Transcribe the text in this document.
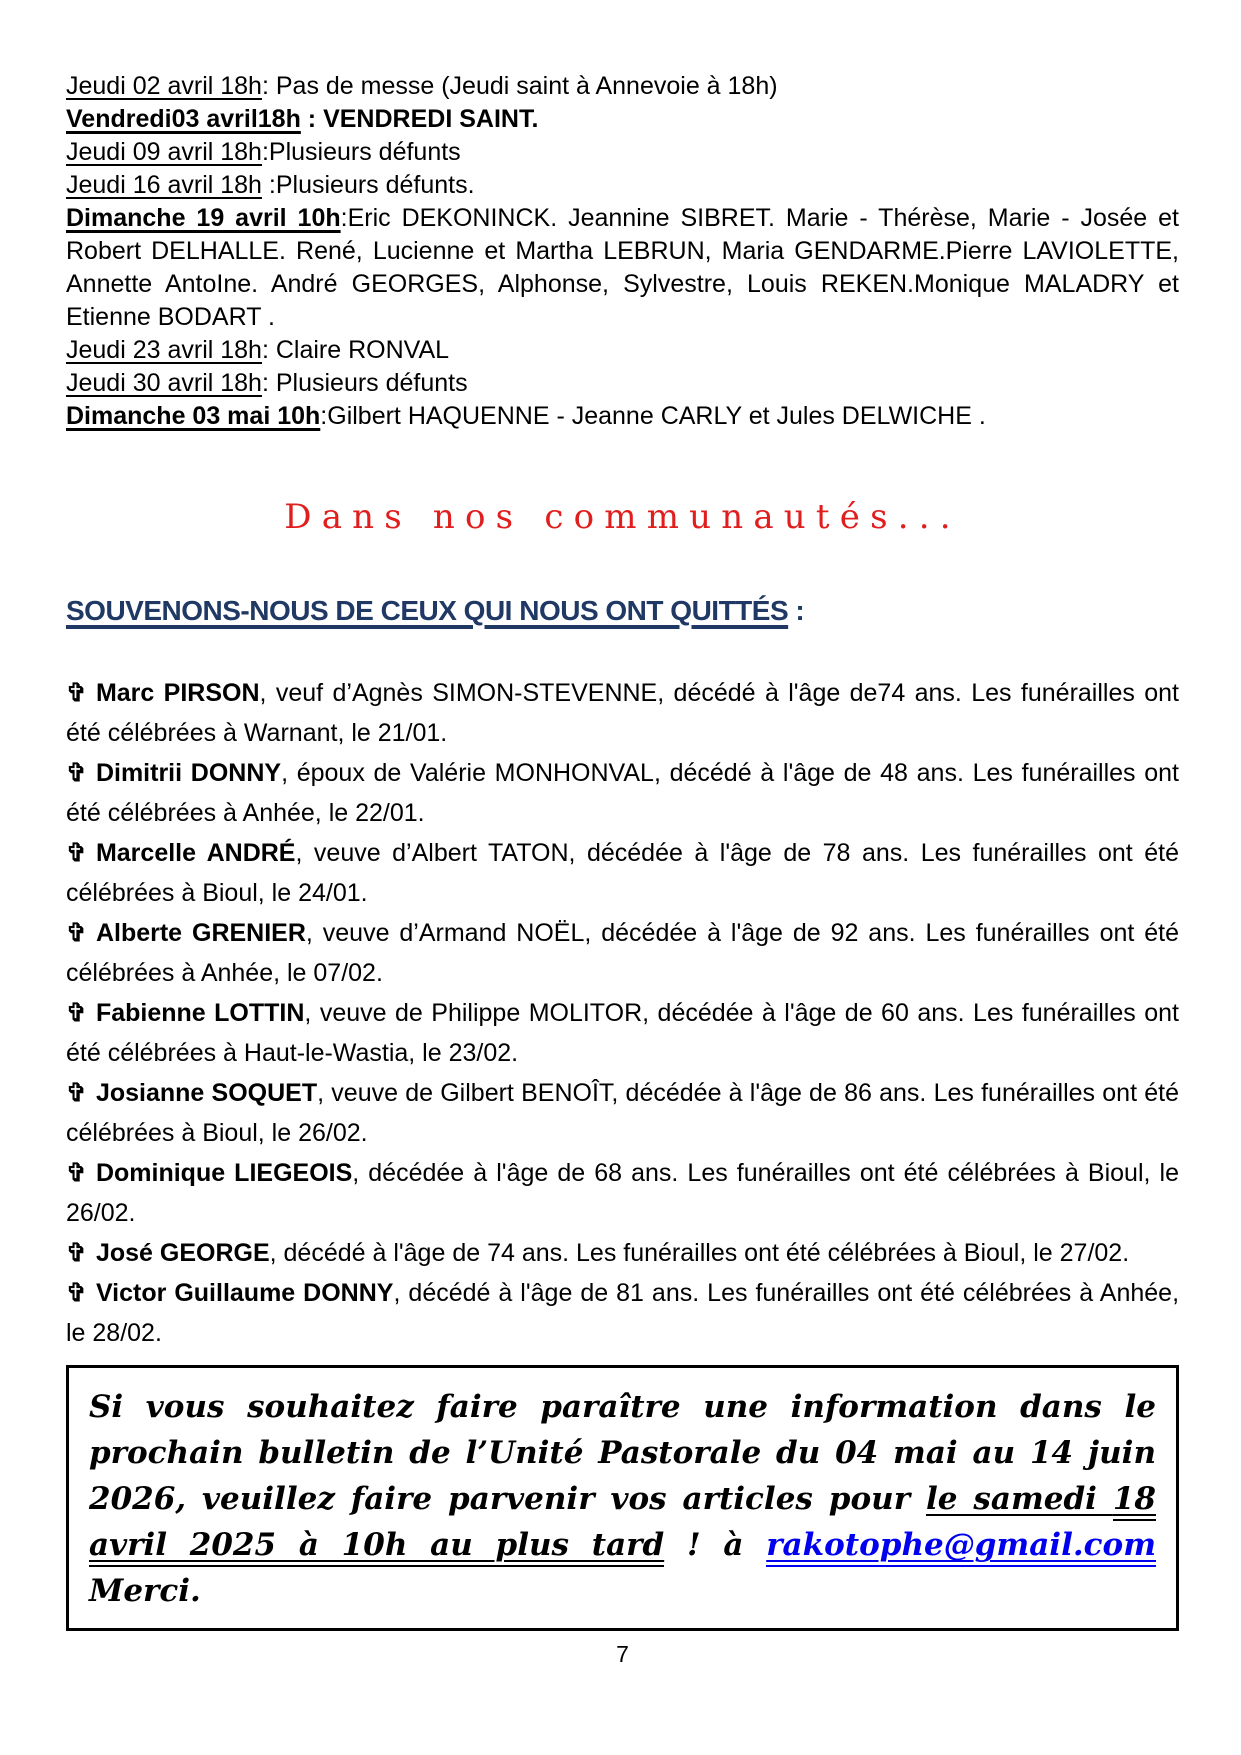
Jeudi 02 avril 18h: Pas de messe (Jeudi saint à Annevoie à 18h)
Vendredi03 avril18h : VENDREDI SAINT.
Jeudi 09 avril 18h:Plusieurs défunts
Jeudi 16 avril 18h :Plusieurs défunts.
Dimanche 19 avril 10h:Eric DEKONINCK. Jeannine SIBRET. Marie - Thérèse, Marie - Josée et Robert DELHALLE. René, Lucienne et Martha LEBRUN, Maria GENDARME.Pierre LAVIOLETTE, Annette AntoIne. André GEORGES, Alphonse, Sylvestre, Louis REKEN.Monique MALADRY et Etienne BODART .
Jeudi 23 avril 18h: Claire RONVAL
Jeudi 30 avril 18h: Plusieurs défunts
Dimanche 03 mai 10h:Gilbert HAQUENNE - Jeanne CARLY et Jules DELWICHE .
Dans nos communautés...
SOUVENONS-NOUS DE CEUX QUI NOUS ONT QUITTÉS :
✞ Marc PIRSON, veuf d’Agnès SIMON-STEVENNE, décédé à l'âge de74 ans. Les funérailles ont été célébrées à Warnant, le 21/01.
✞ Dimitrii DONNY, époux de Valérie MONHONVAL, décédé à l'âge de 48 ans. Les funérailles ont été célébrées à Anhée, le 22/01.
✞ Marcelle ANDRÉ, veuve d’Albert TATON, décédée à l'âge de 78 ans. Les funérailles ont été célébrées à Bioul, le 24/01.
✞ Alberte GRENIER, veuve d’Armand NOËL, décédée à l'âge de 92 ans. Les funérailles ont été célébrées à Anhée, le 07/02.
✞ Fabienne LOTTIN, veuve de Philippe MOLITOR, décédée à l'âge de 60 ans. Les funérailles ont été célébrées à Haut-le-Wastia, le 23/02.
✞ Josianne SOQUET, veuve de Gilbert BENOÎT, décédée à l'âge de 86 ans. Les funérailles ont été célébrées à Bioul, le 26/02.
✞ Dominique LIEGEOIS, décédée à l'âge de 68 ans. Les funérailles ont été célébrées à Bioul, le 26/02.
✞ José GEORGE, décédé à l'âge de 74 ans. Les funérailles ont été célébrées à Bioul, le 27/02.
✞ Victor Guillaume DONNY, décédé à l'âge de 81 ans. Les funérailles ont été célébrées à Anhée, le 28/02.
Si vous souhaitez faire paraître une information dans le prochain bulletin de l’Unité Pastorale du 04 mai au 14 juin 2026, veuillez faire parvenir vos articles pour le samedi 18 avril 2025 à 10h au plus tard ! à rakotophe@gmail.com Merci.
7
